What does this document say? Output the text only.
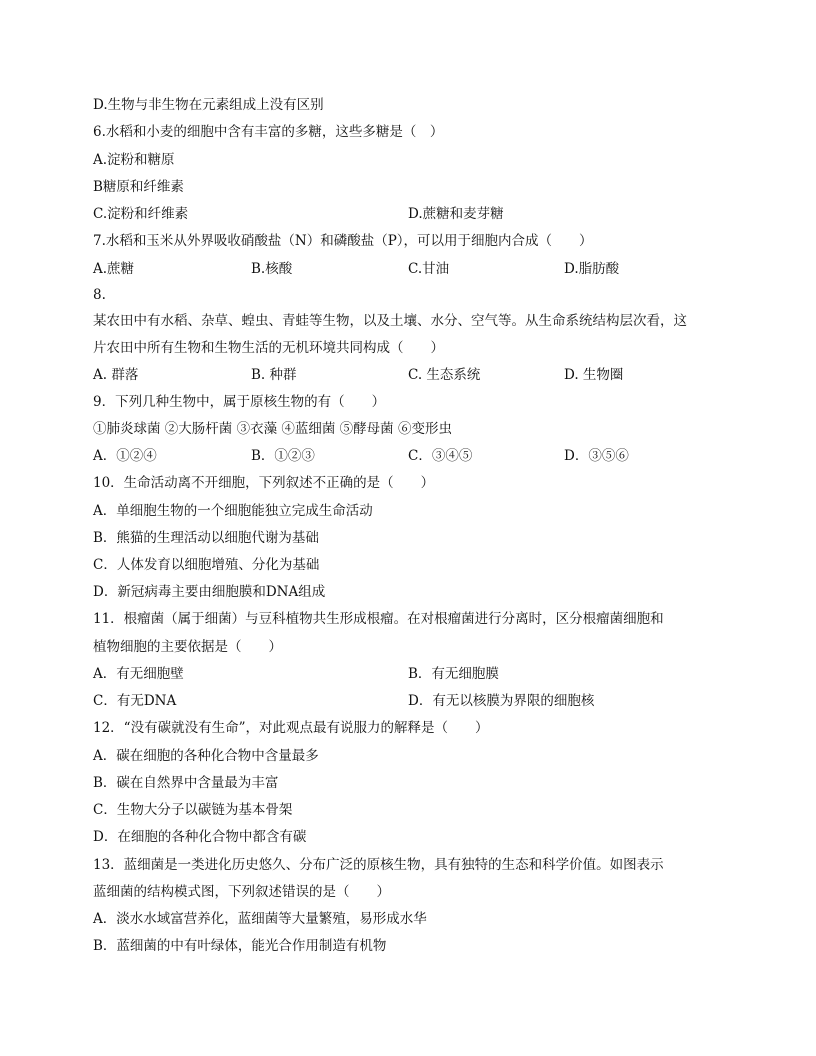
D.生物与非生物在元素组成上没有区别
6.水稻和小麦的细胞中含有丰富的多糖，这些多糖是（　）
A.淀粉和糖原
B糖原和纤维素
C.淀粉和纤维素	D.蔗糖和麦芽糖
7.水稻和玉米从外界吸收硝酸盐（N）和磷酸盐（P），可以用于细胞内合成（　　）
A.蔗糖	B.核酸	C.甘油	D.脂肪酸
8.
某农田中有水稻、杂草、蝗虫、青蛙等生物，以及土壤、水分、空气等。从生命系统结构层次看，这
片农田中所有生物和生物生活的无机环境共同构成（　　）
A. 群落	B. 种群	C. 生态系统	D. 生物圈
9．下列几种生物中，属于原核生物的有（　　）
①肺炎球菌 ②大肠杆菌 ③衣藻 ④蓝细菌 ⑤酵母菌 ⑥变形虫
A．①②④	B．①②③	C．③④⑤	D．③⑤⑥
10．生命活动离不开细胞，下列叙述不正确的是（　　）
A．单细胞生物的一个细胞能独立完成生命活动
B．熊猫的生理活动以细胞代谢为基础
C．人体发育以细胞增殖、分化为基础
D．新冠病毒主要由细胞膜和DNA组成
11．根瘤菌（属于细菌）与豆科植物共生形成根瘤。在对根瘤菌进行分离时，区分根瘤菌细胞和
植物细胞的主要依据是（　　）
A．有无细胞壁	B．有无细胞膜
C．有无DNA	D．有无以核膜为界限的细胞核
12．“没有碳就没有生命”，对此观点最有说服力的解释是（　　）
A．碳在细胞的各种化合物中含量最多
B．碳在自然界中含量最为丰富
C．生物大分子以碳链为基本骨架
D．在细胞的各种化合物中都含有碳
13．蓝细菌是一类进化历史悠久、分布广泛的原核生物，具有独特的生态和科学价值。如图表示
蓝细菌的结构模式图，下列叙述错误的是（　　）
A．淡水水域富营养化，蓝细菌等大量繁殖，易形成水华
B．蓝细菌的中有叶绿体，能光合作用制造有机物
